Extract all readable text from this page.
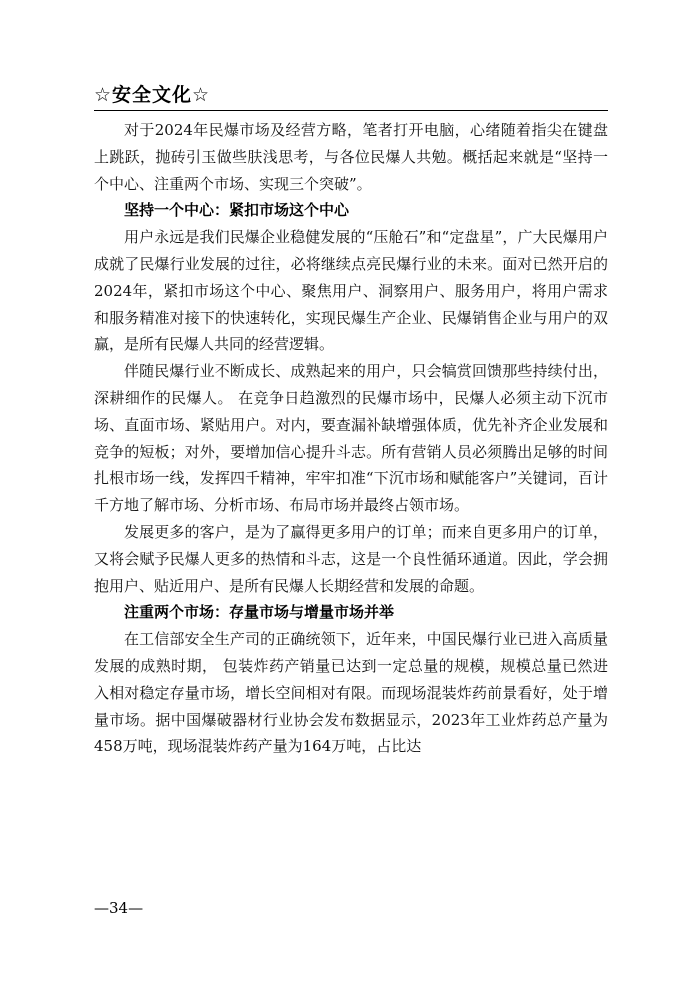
☆安全文化☆

对于2024年民爆市场及经营方略，笔者打开电脑，心绪随着指尖在键盘上跳跃，抛砖引玉做些肤浅思考，与各位民爆人共勉。概括起来就是“坚持一个中心、注重两个市场、实现三个突破”。

坚持一个中心：紧扣市场这个中心

用户永远是我们民爆企业稳健发展的“压舱石”和“定盘星”，广大民爆用户成就了民爆行业发展的过往，必将继续点亮民爆行业的未来。面对已然开启的2024年，紧扣市场这个中心、聚焦用户、洞察用户、服务用户，将用户需求和服务精准对接下的快速转化，实现民爆生产企业、民爆销售企业与用户的双赢，是所有民爆人共同的经营逻辑。

伴随民爆行业不断成长、成熟起来的用户，只会犒赏回馈那些持续付出，深耕细作的民爆人。 在竞争日趋激烈的民爆市场中，民爆人必须主动下沉市场、直面市场、紧贴用户。对内，要查漏补缺增强体质，优先补齐企业发展和竞争的短板；对外，要增加信心提升斗志。所有营销人员必须腾出足够的时间扎根市场一线，发挥四千精神，牢牢扣准“下沉市场和赋能客户”关键词，百计千方地了解市场、分析市场、布局市场并最终占领市场。

发展更多的客户，是为了赢得更多用户的订单；而来自更多用户的订单，又将会赋予民爆人更多的热情和斗志，这是一个良性循环通道。因此，学会拥抱用户、贴近用户、是所有民爆人长期经营和发展的命题。

注重两个市场：存量市场与增量市场并举

在工信部安全生产司的正确统领下，近年来，中国民爆行业已进入高质量发展的成熟时期， 包装炸药产销量已达到一定总量的规模，规模总量已然进入相对稳定存量市场，增长空间相对有限。而现场混装炸药前景看好，处于增量市场。据中国爆破器材行业协会发布数据显示，2023年工业炸药总产量为458万吨，现场混装炸药产量为164万吨，占比达

—34—
